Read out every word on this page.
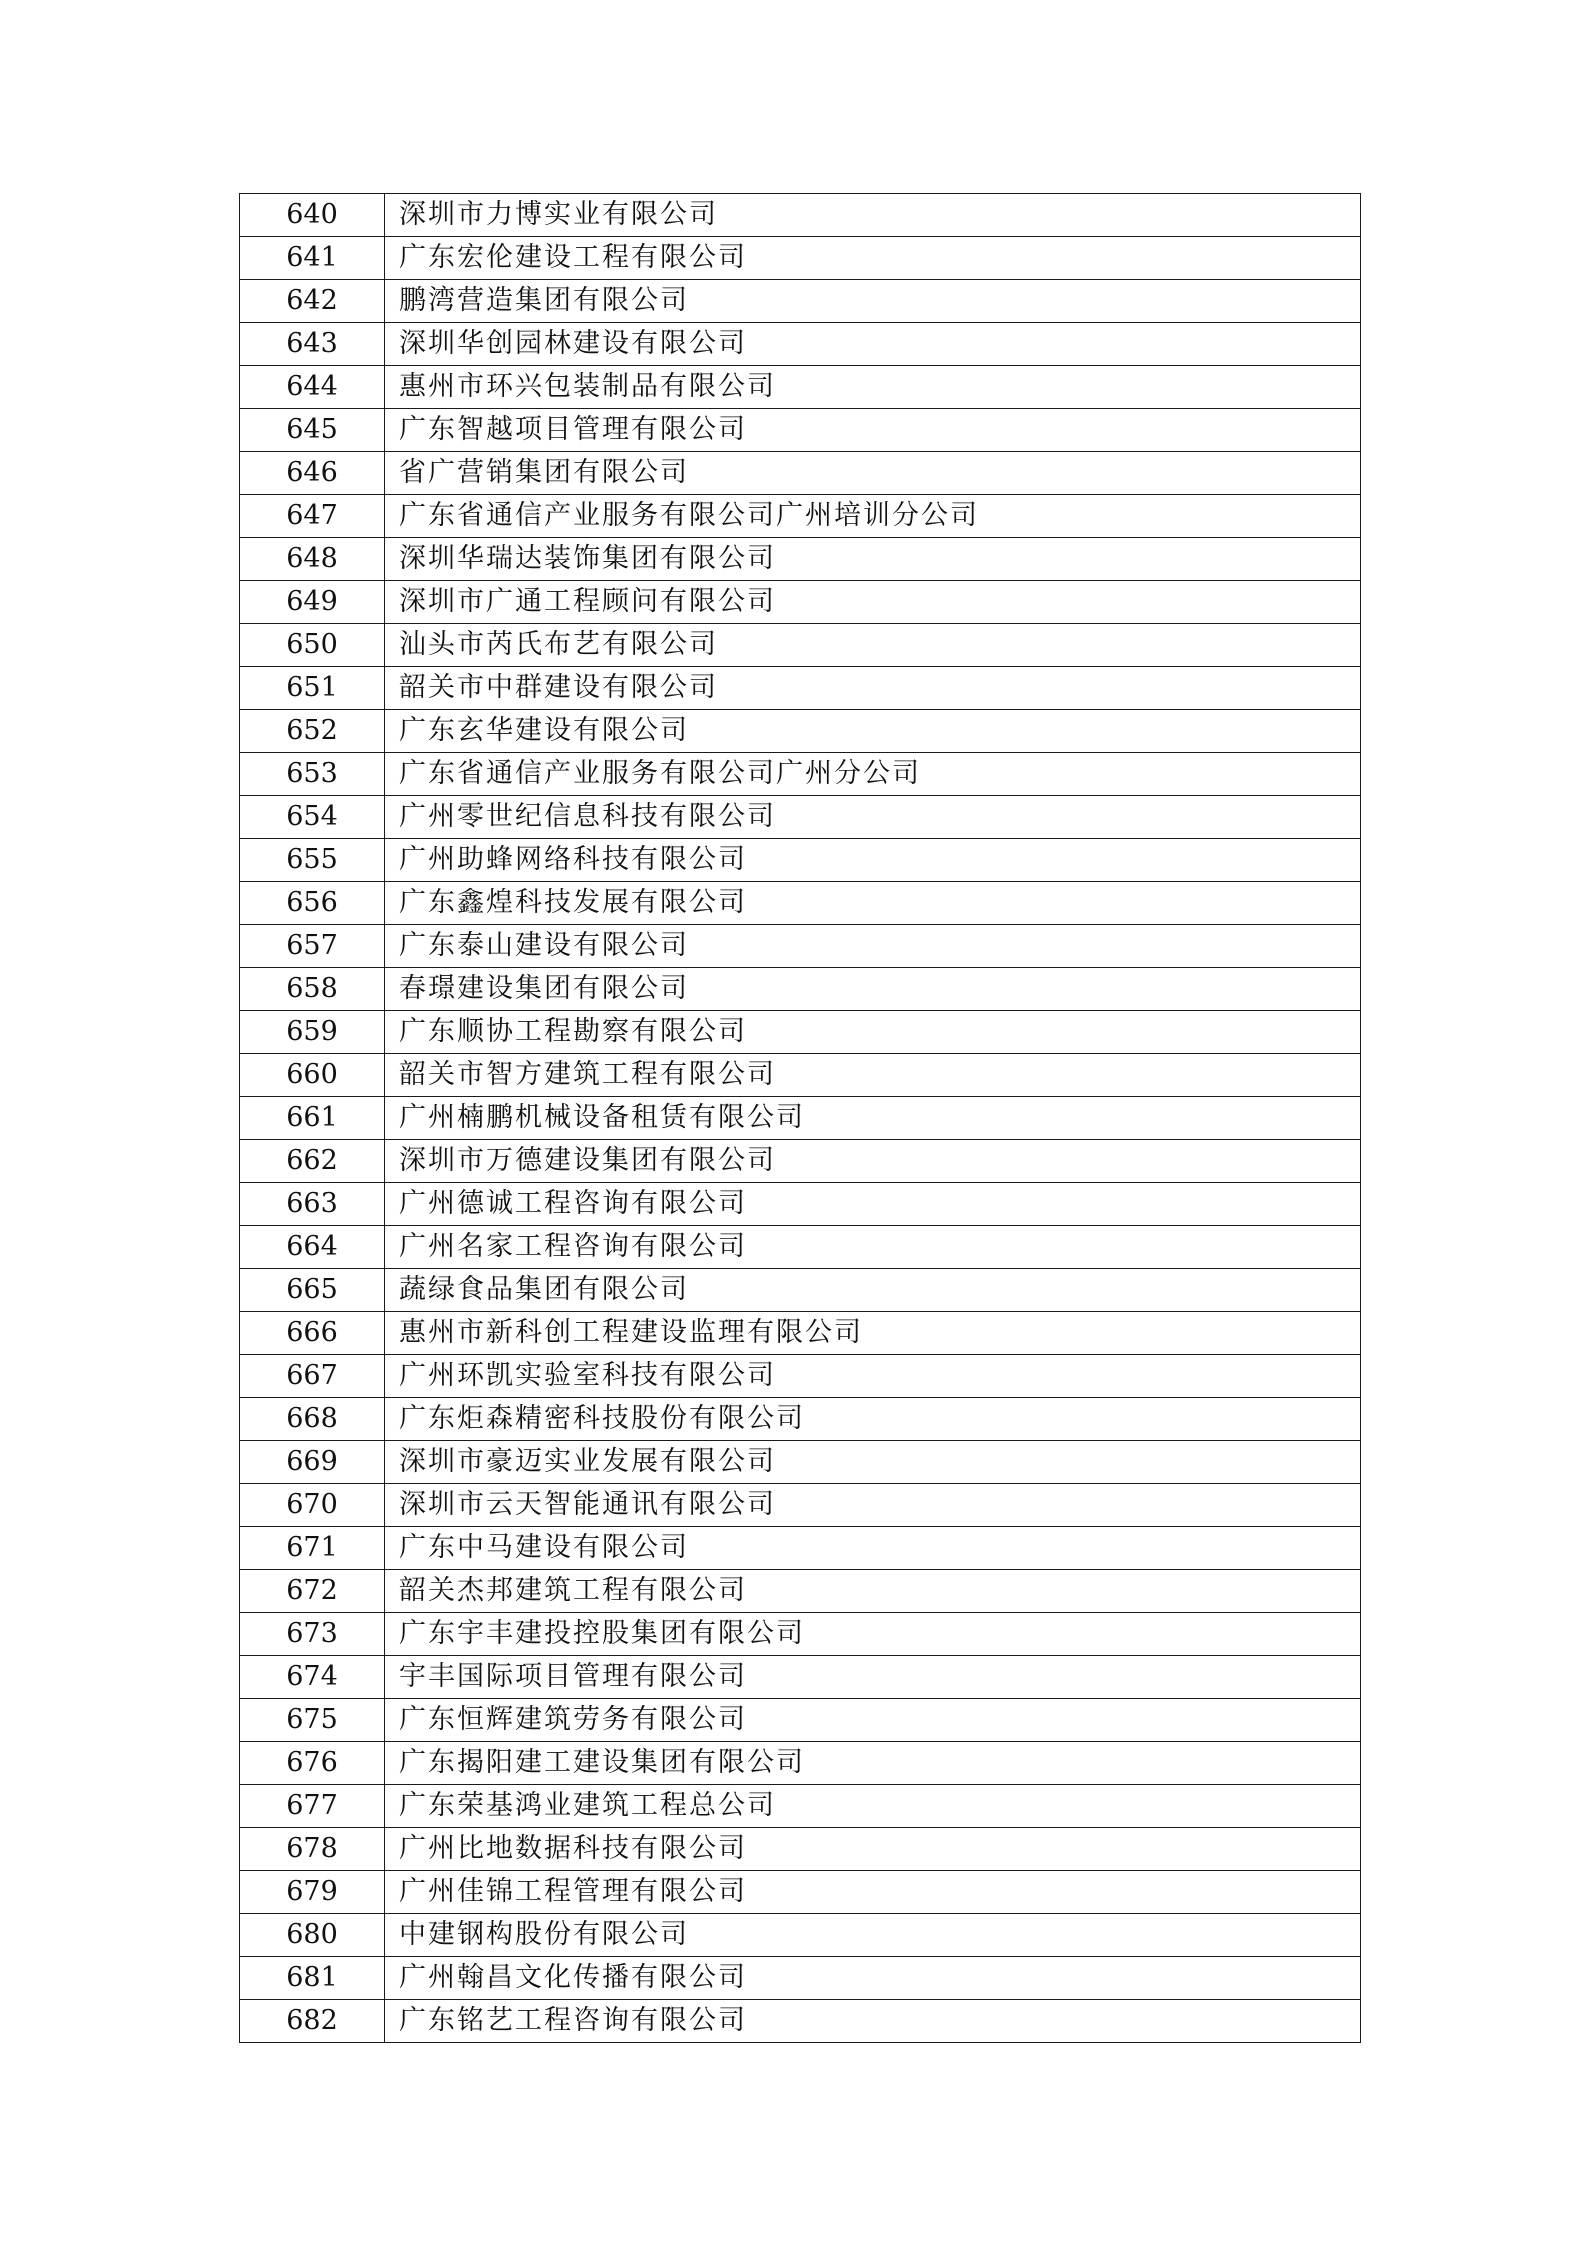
640	深圳市力博实业有限公司
641	广东宏伦建设工程有限公司
642	鹏湾营造集团有限公司
643	深圳华创园林建设有限公司
644	惠州市环兴包装制品有限公司
645	广东智越项目管理有限公司
646	省广营销集团有限公司
647	广东省通信产业服务有限公司广州培训分公司
648	深圳华瑞达装饰集团有限公司
649	深圳市广通工程顾问有限公司
650	汕头市芮氏布艺有限公司
651	韶关市中群建设有限公司
652	广东玄华建设有限公司
653	广东省通信产业服务有限公司广州分公司
654	广州零世纪信息科技有限公司
655	广州助蜂网络科技有限公司
656	广东鑫煌科技发展有限公司
657	广东泰山建设有限公司
658	春璟建设集团有限公司
659	广东顺协工程勘察有限公司
660	韶关市智方建筑工程有限公司
661	广州楠鹏机械设备租赁有限公司
662	深圳市万德建设集团有限公司
663	广州德诚工程咨询有限公司
664	广州名家工程咨询有限公司
665	蔬绿食品集团有限公司
666	惠州市新科创工程建设监理有限公司
667	广州环凯实验室科技有限公司
668	广东炬森精密科技股份有限公司
669	深圳市豪迈实业发展有限公司
670	深圳市云天智能通讯有限公司
671	广东中马建设有限公司
672	韶关杰邦建筑工程有限公司
673	广东宇丰建投控股集团有限公司
674	宇丰国际项目管理有限公司
675	广东恒辉建筑劳务有限公司
676	广东揭阳建工建设集团有限公司
677	广东荣基鸿业建筑工程总公司
678	广州比地数据科技有限公司
679	广州佳锦工程管理有限公司
680	中建钢构股份有限公司
681	广州翰昌文化传播有限公司
682	广东铭艺工程咨询有限公司
